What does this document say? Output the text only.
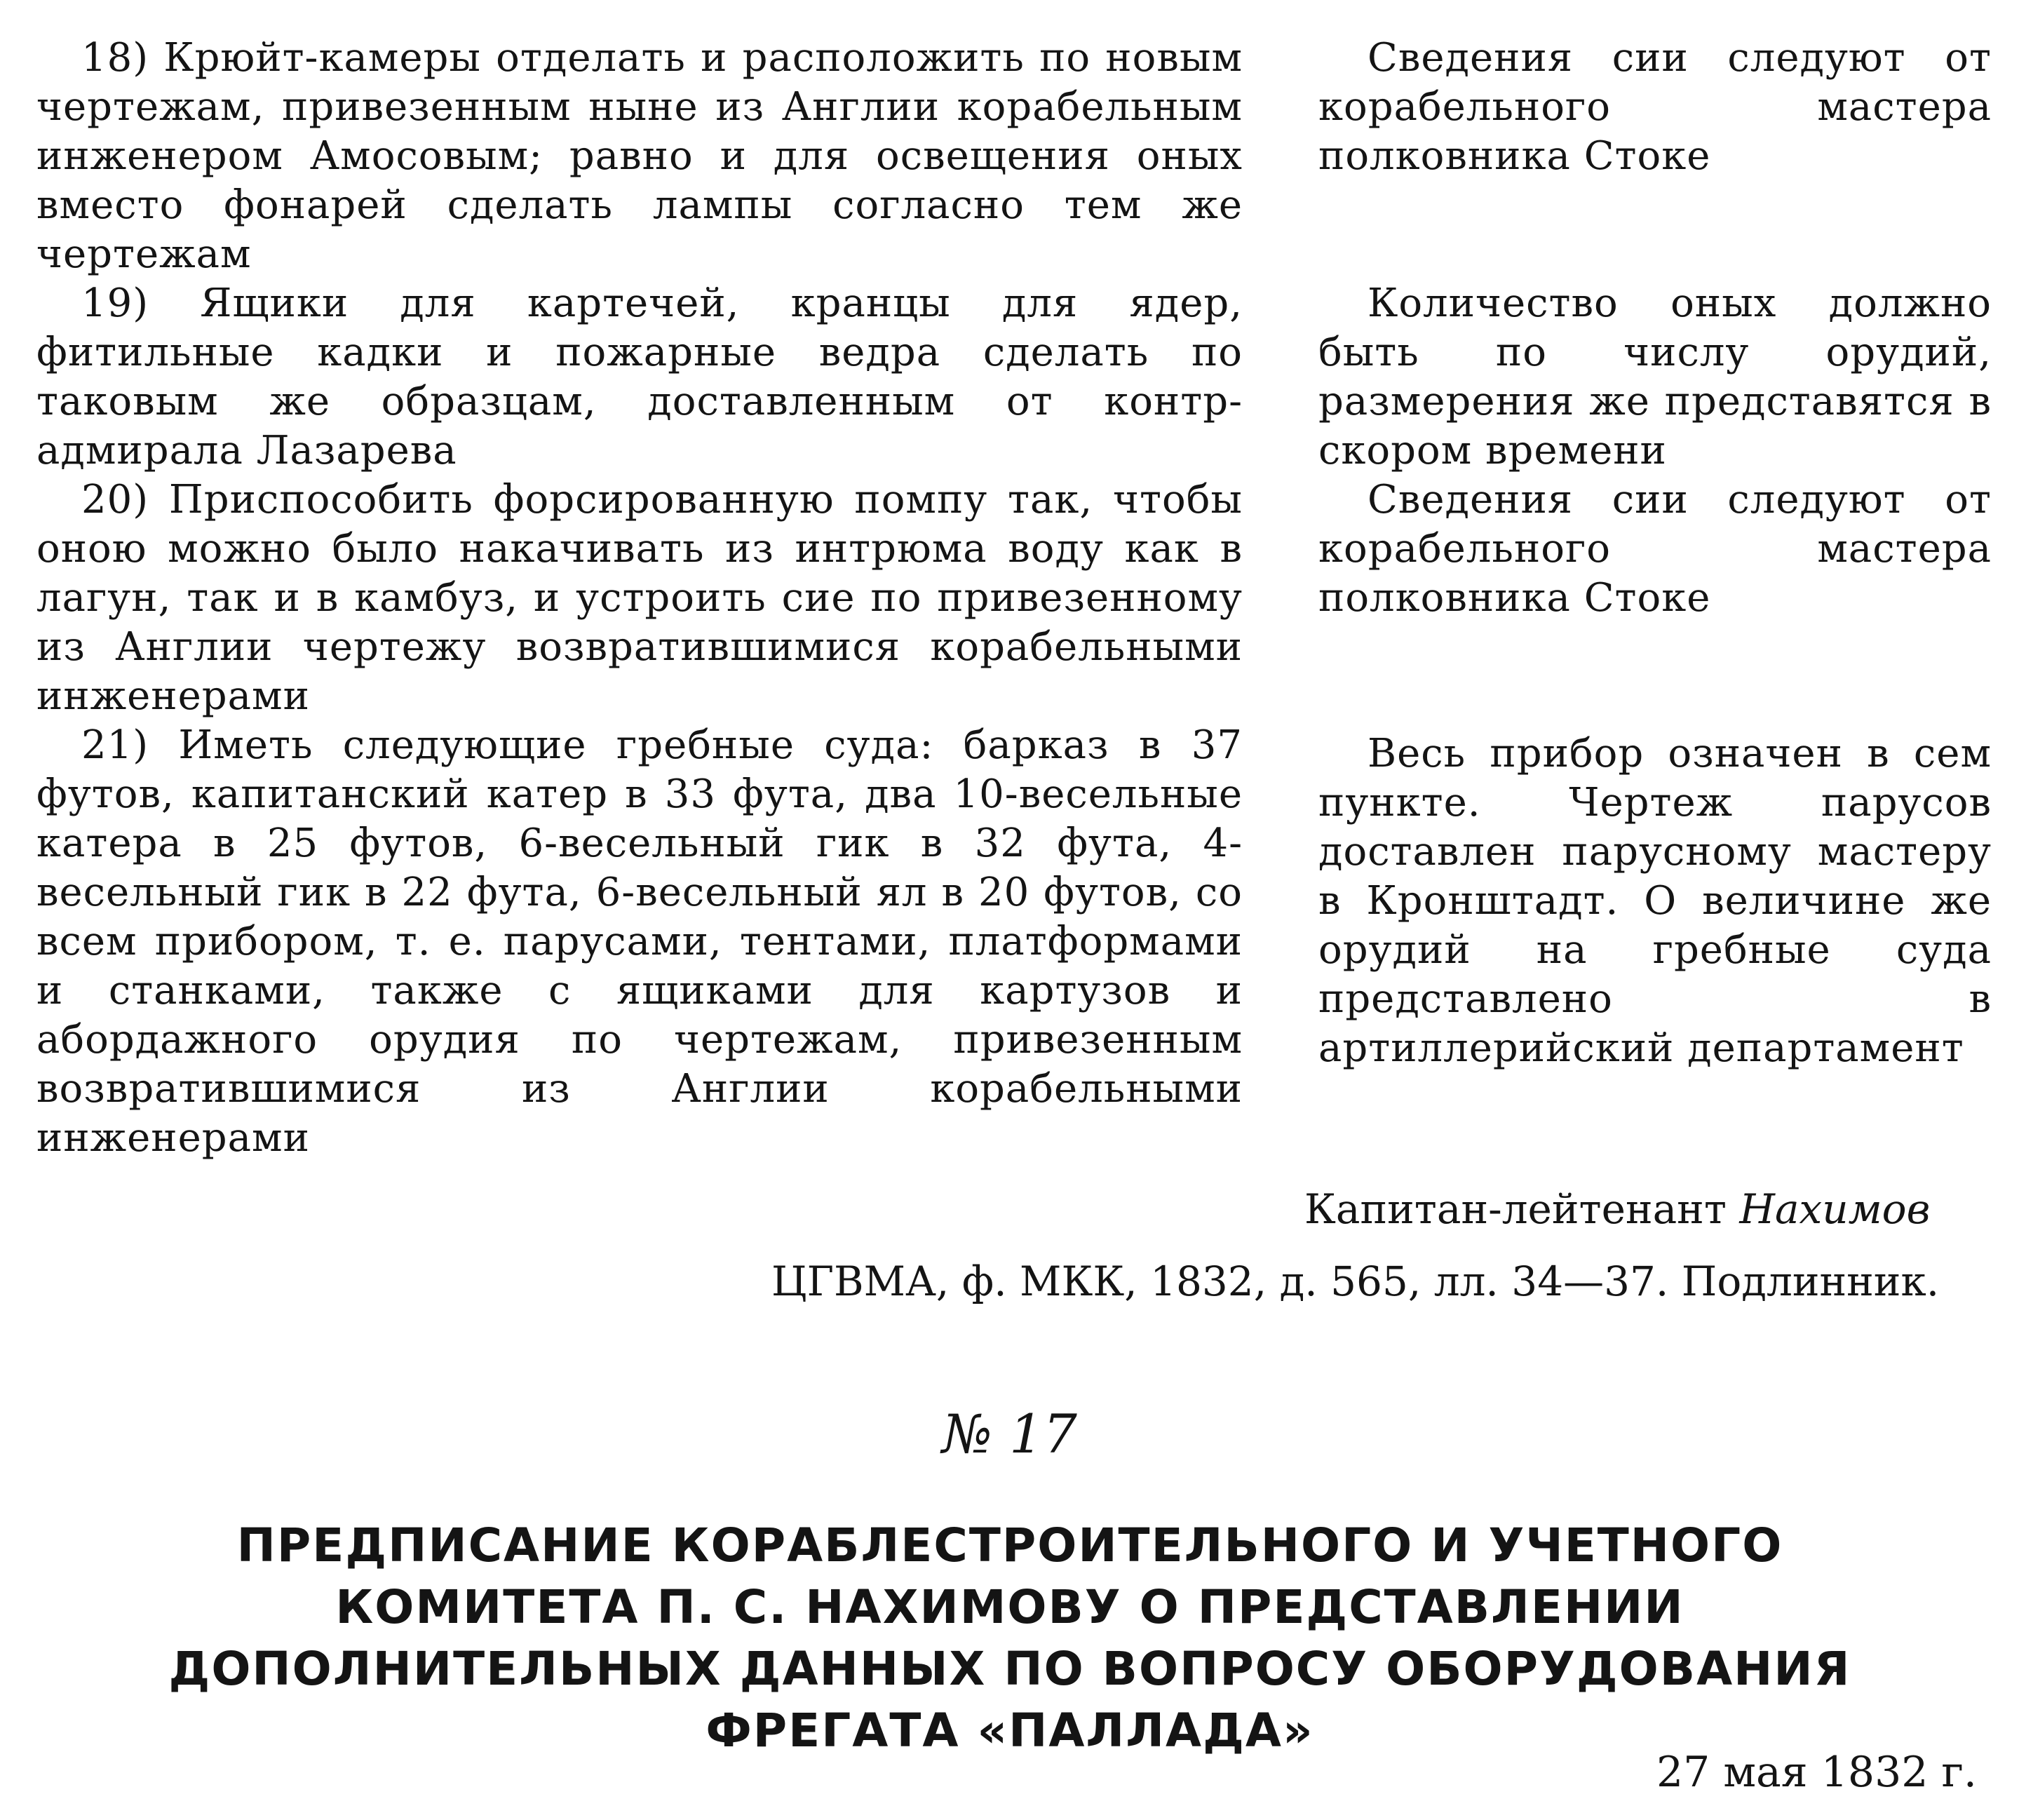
18) Крюйт-камеры отделать и расположить по новым чертежам, привезенным ныне из Англии корабельным инженером Амосовым; равно и для освещения оных вместо фонарей сделать лампы согласно тем же чертежам

19) Ящики для картечей, кранцы для ядер, фитильные кадки и пожарные ведра сделать по таковым же образцам, доставленным от контр-адмирала Лазарева

20) Приспособить форсированную помпу так, чтобы оною можно было накачивать из интрюма воду как в лагун, так и в камбуз, и устроить сие по привезенному из Англии чертежу возвратившимися корабельными инженерами

21) Иметь следующие гребные суда: барказ в 37 футов, капитанский катер в 33 фута, два 10-весельные катера в 25 футов, 6-весельный гик в 32 фута, 4-весельный гик в 22 фута, 6-весельный ял в 20 футов, со всем прибором, т. е. парусами, тентами, платформами и станками, также с ящиками для картузов и абордажного орудия по чертежам, привезенным возвратившимися из Англии корабельными инженерами

Сведения сии следуют от корабельного мастера полковника Стоке
Количество оных должно быть по числу орудий, размерения же представятся в скором времени
Сведения сии следуют от корабельного мастера полковника Стоке
Весь прибор означен в сем пункте. Чертеж парусов доставлен парусному мастеру в Кронштадт. О величине же орудий на гребные суда представлено в артиллерийский департамент
Капитан-лейтенант Нахимов
ЦГВМА, ф. МКК, 1832, д. 565, лл. 34—37. Подлинник.
№ 17
ПРЕДПИСАНИЕ КОРАБЛЕСТРОИТЕЛЬНОГО И УЧЕТНОГО КОМИТЕТА П. С. НАХИМОВУ О ПРЕДСТАВЛЕНИИ ДОПОЛНИТЕЛЬНЫХ ДАННЫХ ПО ВОПРОСУ ОБОРУДОВАНИЯ ФРЕГАТА «ПАЛЛАДА»
27 мая 1832 г.
